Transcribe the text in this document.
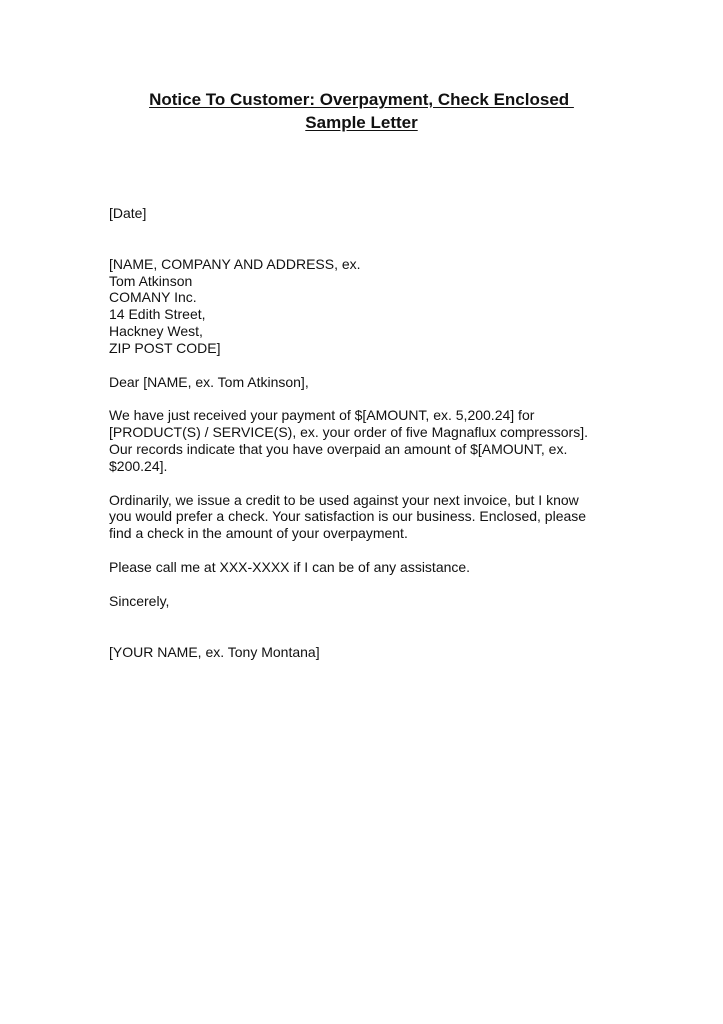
Notice To Customer: Overpayment, Check Enclosed
Sample Letter

[Date]

[NAME, COMPANY AND ADDRESS, ex.
Tom Atkinson
COMANY Inc.
14 Edith Street,
Hackney West,
ZIP POST CODE]

Dear [NAME, ex. Tom Atkinson],

We have just received your payment of $[AMOUNT, ex. 5,200.24] for
[PRODUCT(S) / SERVICE(S), ex. your order of five Magnaflux compressors].
Our records indicate that you have overpaid an amount of $[AMOUNT, ex.
$200.24].
Ordinarily, we issue a credit to be used against your next invoice, but I know
you would prefer a check. Your satisfaction is our business. Enclosed, please
find a check in the amount of your overpayment.

Please call me at XXX-XXXX if I can be of any assistance.

Sincerely,

[YOUR NAME, ex. Tony Montana]
